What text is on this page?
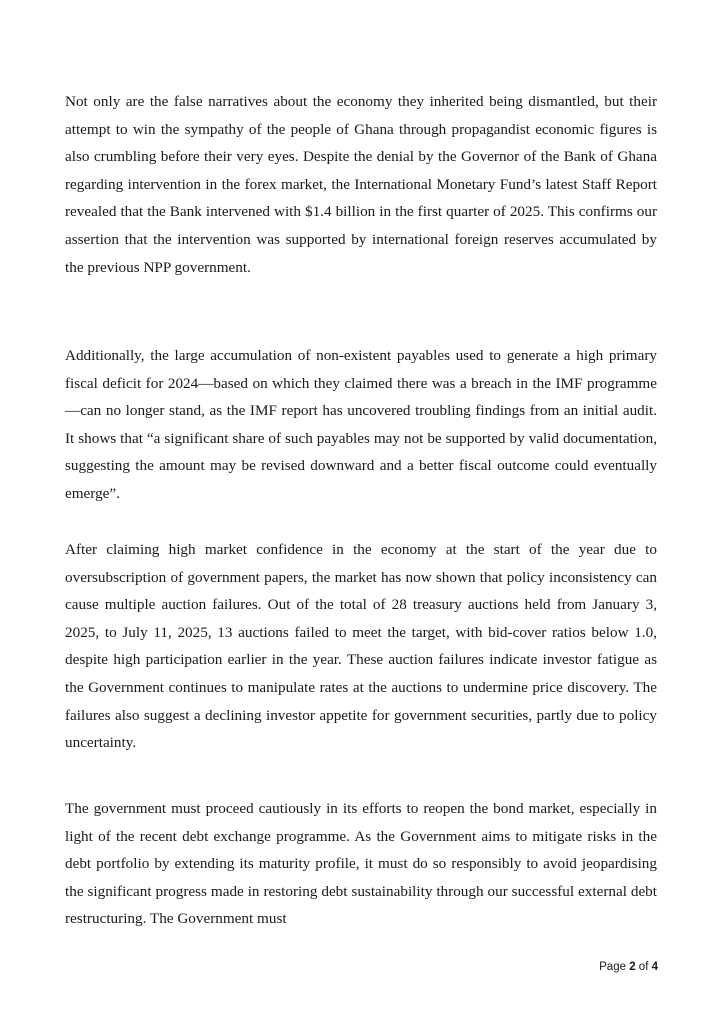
Not only are the false narratives about the economy they inherited being dismantled, but their attempt to win the sympathy of the people of Ghana through propagandist economic figures is also crumbling before their very eyes. Despite the denial by the Governor of the Bank of Ghana regarding intervention in the forex market, the International Monetary Fund’s latest Staff Report revealed that the Bank intervened with $1.4 billion in the first quarter of 2025. This confirms our assertion that the intervention was supported by international foreign reserves accumulated by the previous NPP government.

Additionally, the large accumulation of non-existent payables used to generate a high primary fiscal deficit for 2024—based on which they claimed there was a breach in the IMF programme—can no longer stand, as the IMF report has uncovered troubling findings from an initial audit. It shows that “a significant share of such payables may not be supported by valid documentation, suggesting the amount may be revised downward and a better fiscal outcome could eventually emerge”.

After claiming high market confidence in the economy at the start of the year due to oversubscription of government papers, the market has now shown that policy inconsistency can cause multiple auction failures. Out of the total of 28 treasury auctions held from January 3, 2025, to July 11, 2025, 13 auctions failed to meet the target, with bid-cover ratios below 1.0, despite high participation earlier in the year. These auction failures indicate investor fatigue as the Government continues to manipulate rates at the auctions to undermine price discovery. The failures also suggest a declining investor appetite for government securities, partly due to policy uncertainty.

The government must proceed cautiously in its efforts to reopen the bond market, especially in light of the recent debt exchange programme. As the Government aims to mitigate risks in the debt portfolio by extending its maturity profile, it must do so responsibly to avoid jeopardising the significant progress made in restoring debt sustainability through our successful external debt restructuring. The Government must

Page 2 of 4
